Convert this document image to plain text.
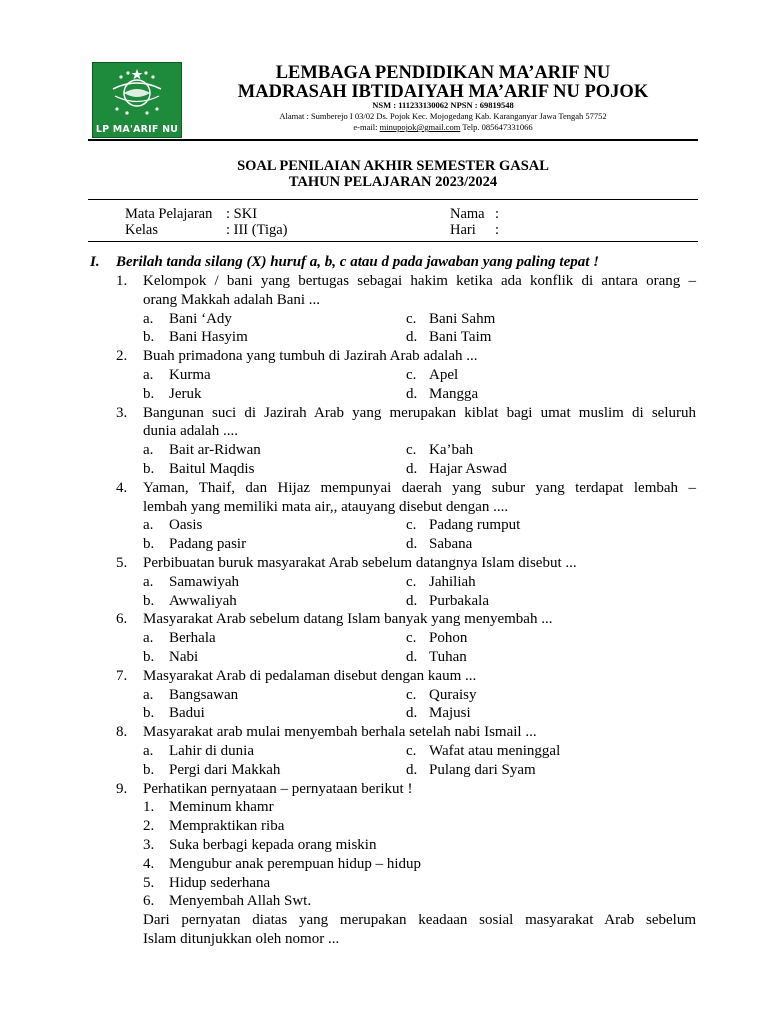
LP MA'ARIF NU
LEMBAGA PENDIDIKAN MA’ARIF NU
MADRASAH IBTIDAIYAH MA’ARIF NU POJOK
NSM : 111233130062 NPSN : 69819548
Alamat : Sumberejo I 03/02 Ds. Pojok Kec. Mojogedang Kab. Karanganyar Jawa Tengah 57752
e-mail: minupojok@gmail.com Telp. 085647331066
SOAL PENILAIAN AKHIR SEMESTER GASAL
TAHUN PELAJARAN 2023/2024
Mata Pelajaran : SKI	Nama :
Kelas	: III (Tiga)	Hari :
I. Berilah tanda silang (X) huruf a, b, c atau d pada jawaban yang paling tepat !
1. Kelompok / bani yang bertugas sebagai hakim ketika ada konflik di antara orang –
orang Makkah adalah Bani ...
a. Bani ‘Ady	c. Bani Sahm
b. Bani Hasyim	d. Bani Taim
2. Buah primadona yang tumbuh di Jazirah Arab adalah ...
a. Kurma	c. Apel
b. Jeruk	d. Mangga
3. Bangunan suci di Jazirah Arab yang merupakan kiblat bagi umat muslim di seluruh
dunia adalah ....
a. Bait ar-Ridwan	c. Ka’bah
b. Baitul Maqdis	d. Hajar Aswad
4. Yaman, Thaif, dan Hijaz mempunyai daerah yang subur yang terdapat lembah –
lembah yang memiliki mata air,, atauyang disebut dengan ....
a. Oasis	c. Padang rumput
b. Padang pasir	d. Sabana
5. Perbibuatan buruk masyarakat Arab sebelum datangnya Islam disebut ...
a. Samawiyah	c. Jahiliah
b. Awwaliyah	d. Purbakala
6. Masyarakat Arab sebelum datang Islam banyak yang menyembah ...
a. Berhala	c. Pohon
b. Nabi	d. Tuhan
7. Masyarakat Arab di pedalaman disebut dengan kaum ...
a. Bangsawan	c. Quraisy
b. Badui	d. Majusi
8. Masyarakat arab mulai menyembah berhala setelah nabi Ismail ...
a. Lahir di dunia	c. Wafat atau meninggal
b. Pergi dari Makkah	d. Pulang dari Syam
9. Perhatikan pernyataan – pernyataan berikut !
1. Meminum khamr
2. Mempraktikan riba
3. Suka berbagi kepada orang miskin
4. Mengubur anak perempuan hidup – hidup
5. Hidup sederhana
6. Menyembah Allah Swt.
Dari pernyatan diatas yang merupakan keadaan sosial masyarakat Arab sebelum
Islam ditunjukkan oleh nomor ...
